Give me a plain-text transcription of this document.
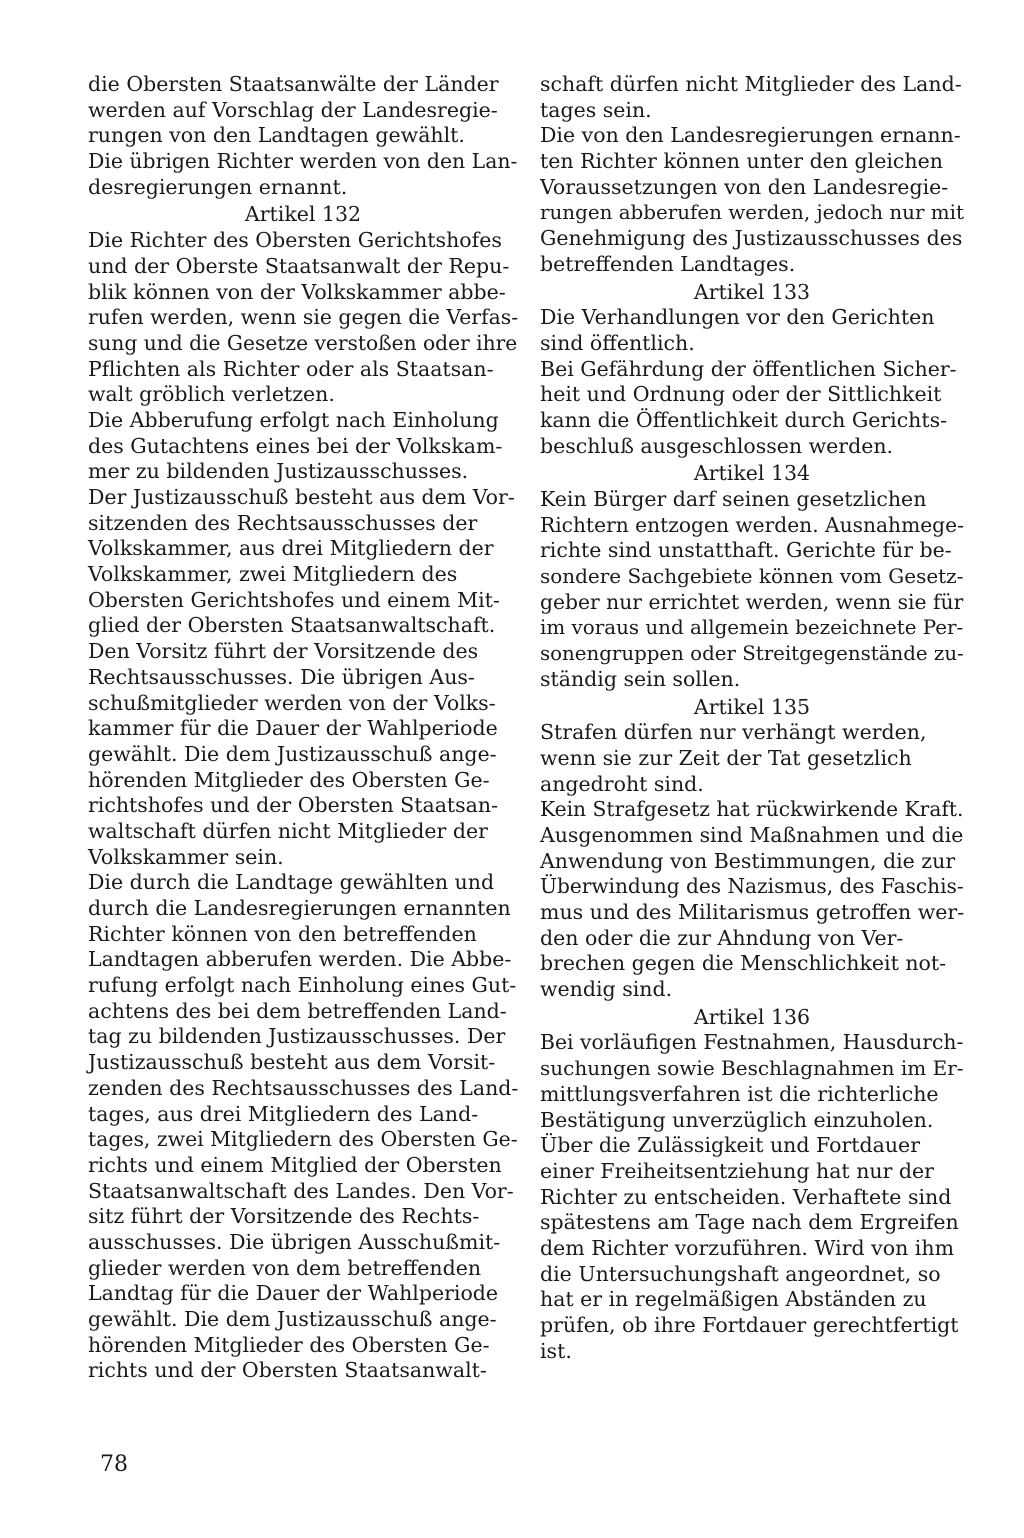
die Obersten Staatsanwälte der Länder
werden auf Vorschlag der Landesregie-
rungen von den Landtagen gewählt.
Die übrigen Richter werden von den Lan-
desregierungen ernannt.
Artikel 132
Die Richter des Obersten Gerichtshofes
und der Oberste Staatsanwalt der Repu-
blik können von der Volkskammer abbe-
rufen werden, wenn sie gegen die Verfas-
sung und die Gesetze verstoßen oder ihre
Pflichten als Richter oder als Staatsan-
walt gröblich verletzen.
Die Abberufung erfolgt nach Einholung
des Gutachtens eines bei der Volkskam-
mer zu bildenden Justizausschusses.
Der Justizausschuß besteht aus dem Vor-
sitzenden des Rechtsausschusses der
Volkskammer, aus drei Mitgliedern der
Volkskammer, zwei Mitgliedern des
Obersten Gerichtshofes und einem Mit-
glied der Obersten Staatsanwaltschaft.
Den Vorsitz führt der Vorsitzende des
Rechtsausschusses. Die übrigen Aus-
schußmitglieder werden von der Volks-
kammer für die Dauer der Wahlperiode
gewählt. Die dem Justizausschuß ange-
hörenden Mitglieder des Obersten Ge-
richtshofes und der Obersten Staatsan-
waltschaft dürfen nicht Mitglieder der
Volkskammer sein.
Die durch die Landtage gewählten und
durch die Landesregierungen ernannten
Richter können von den betreffenden
Landtagen abberufen werden. Die Abbe-
rufung erfolgt nach Einholung eines Gut-
achtens des bei dem betreffenden Land-
tag zu bildenden Justizausschusses. Der
Justizausschuß besteht aus dem Vorsit-
zenden des Rechtsausschusses des Land-
tages, aus drei Mitgliedern des Land-
tages, zwei Mitgliedern des Obersten Ge-
richts und einem Mitglied der Obersten
Staatsanwaltschaft des Landes. Den Vor-
sitz führt der Vorsitzende des Rechts-
ausschusses. Die übrigen Ausschußmit-
glieder werden von dem betreffenden
Landtag für die Dauer der Wahlperiode
gewählt. Die dem Justizausschuß ange-
hörenden Mitglieder des Obersten Ge-
richts und der Obersten Staatsanwalt-
schaft dürfen nicht Mitglieder des Land-
tages sein.
Die von den Landesregierungen ernann-
ten Richter können unter den gleichen
Voraussetzungen von den Landesregie-
rungen abberufen werden, jedoch nur mit
Genehmigung des Justizausschusses des
betreffenden Landtages.
Artikel 133
Die Verhandlungen vor den Gerichten
sind öffentlich.
Bei Gefährdung der öffentlichen Sicher-
heit und Ordnung oder der Sittlichkeit
kann die Öffentlichkeit durch Gerichts-
beschluß ausgeschlossen werden.
Artikel 134
Kein Bürger darf seinen gesetzlichen
Richtern entzogen werden. Ausnahmege-
richte sind unstatthaft. Gerichte für be-
sondere Sachgebiete können vom Gesetz-
geber nur errichtet werden, wenn sie für
im voraus und allgemein bezeichnete Per-
sonengruppen oder Streitgegenstände zu-
ständig sein sollen.
Artikel 135
Strafen dürfen nur verhängt werden,
wenn sie zur Zeit der Tat gesetzlich
angedroht sind.
Kein Strafgesetz hat rückwirkende Kraft.
Ausgenommen sind Maßnahmen und die
Anwendung von Bestimmungen, die zur
Überwindung des Nazismus, des Faschis-
mus und des Militarismus getroffen wer-
den oder die zur Ahndung von Ver-
brechen gegen die Menschlichkeit not-
wendig sind.
Artikel 136
Bei vorläufigen Festnahmen, Hausdurch-
suchungen sowie Beschlagnahmen im Er-
mittlungsverfahren ist die richterliche
Bestätigung unverzüglich einzuholen.
Über die Zulässigkeit und Fortdauer
einer Freiheitsentziehung hat nur der
Richter zu entscheiden. Verhaftete sind
spätestens am Tage nach dem Ergreifen
dem Richter vorzuführen. Wird von ihm
die Untersuchungshaft angeordnet, so
hat er in regelmäßigen Abständen zu
prüfen, ob ihre Fortdauer gerechtfertigt
ist.
78
